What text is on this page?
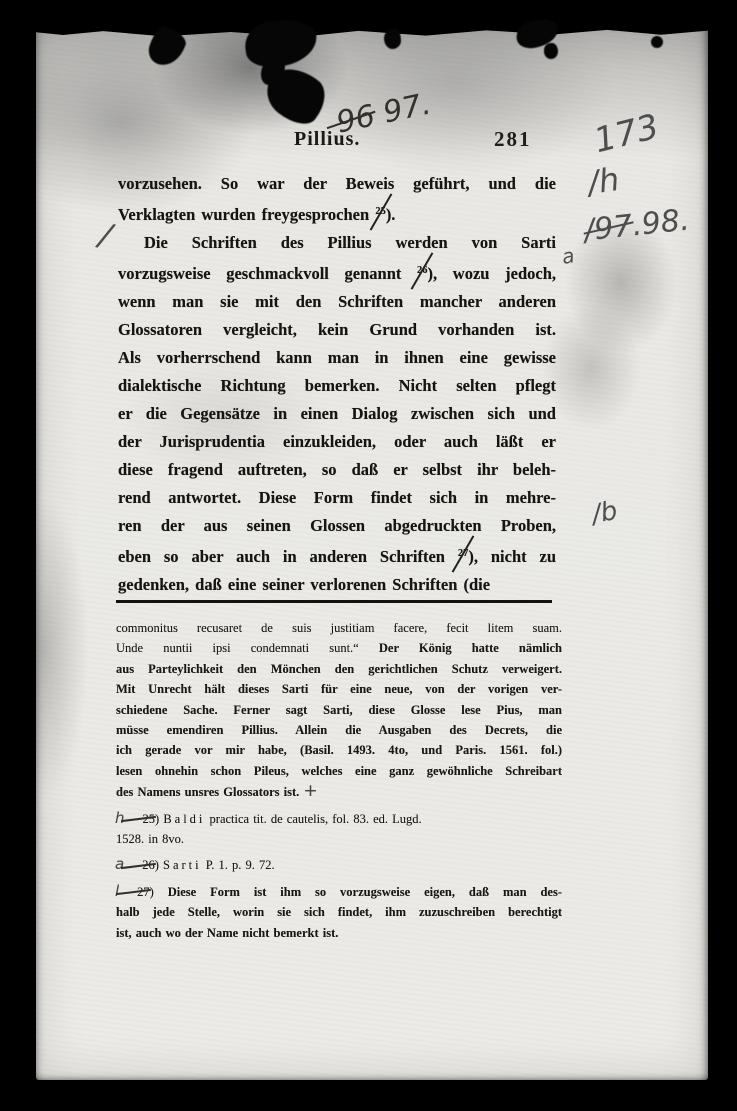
Pillius.	281
96 97.	173
/h
/97.98.
a
/b
/
vorzusehen. So war der Beweis geführt, und die
Verklagten wurden freygesprochen $^{25}$).
Die Schriften des Pillius werden von Sarti
vorzugsweise geschmackvoll genannt $^{26}$), wozu jedoch,
wenn man sie mit den Schriften mancher anderen
Glossatoren vergleicht, kein Grund vorhanden ist.
Als vorherrschend kann man in ihnen eine gewisse
dialektische Richtung bemerken. Nicht selten pflegt
er die Gegensätze in einen Dialog zwischen sich und
der Jurisprudentia einzukleiden, oder auch läßt er
diese fragend auftreten, so daß er selbst ihr beleh-
rend antwortet. Diese Form findet sich in mehre-
ren der aus seinen Glossen abgedruckten Proben,
eben so aber auch in anderen Schriften $^{27}$), nicht zu
gedenken, daß eine seiner verlorenen Schriften (die
commonitus recusaret de suis justitiam facere, fecit litem suam.
Unde nuntii ipsi condemnati sunt.“ Der König hatte nämlich
aus Parteylichkeit den Mönchen den gerichtlichen Schutz verweigert.
Mit Unrecht hält dieses Sarti für eine neue, von der vorigen ver-
schiedene Sache. Ferner sagt Sarti, diese Glosse lese Pius, man
müsse emendiren Pillius. Allein die Ausgaben des Decrets, die
ich gerade vor mir habe, (Basil. 1493. 4to, und Paris. 1561. fol.)
lesen ohnehin schon Pileus, welches eine ganz gewöhnliche Schreibart
des Namens unsres Glossators ist. +
h 25) Baldi practica tit. de cautelis, fol. 83. ed. Lugd.
1528. in 8vo.
a 26) Sarti P. 1. p. 9. 72.
l 27) Diese Form ist ihm so vorzugsweise eigen, daß man des-
halb jede Stelle, worin sie sich findet, ihm zuzuschreiben berechtigt
ist, auch wo der Name nicht bemerkt ist.
